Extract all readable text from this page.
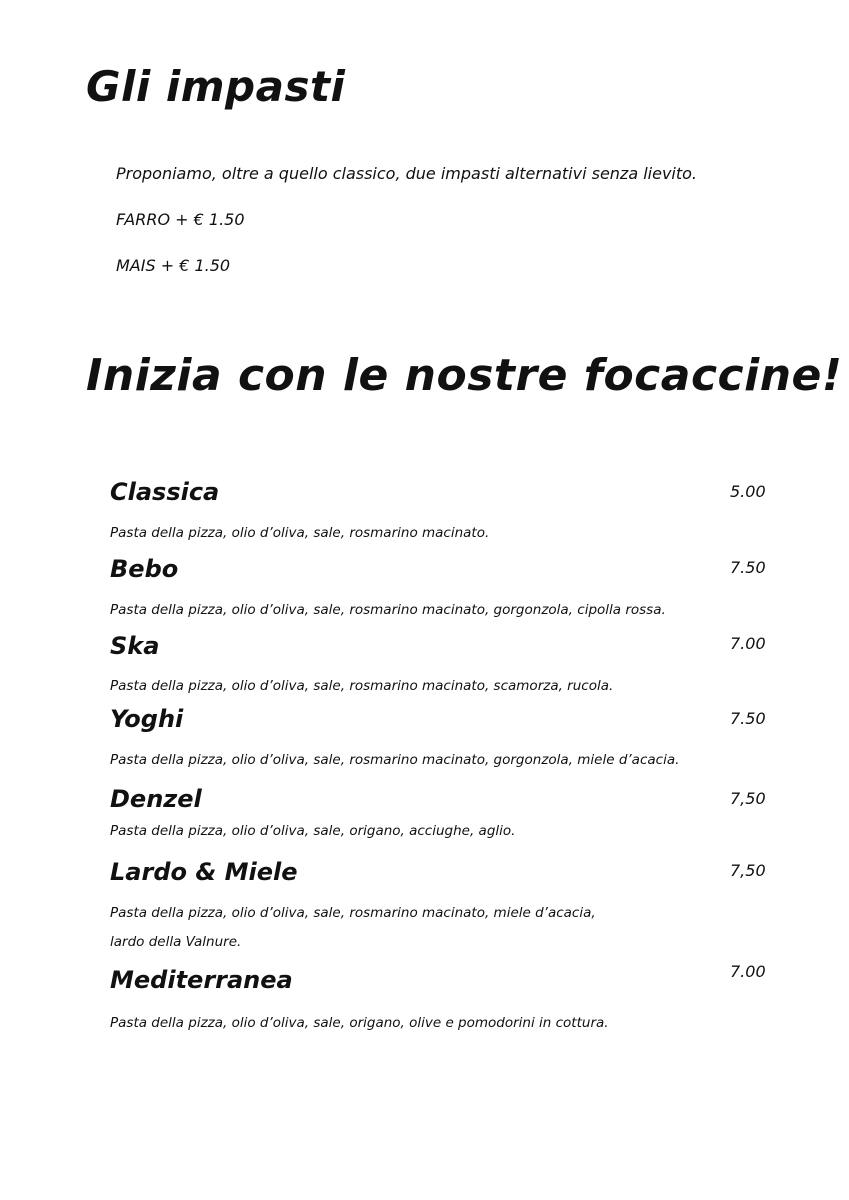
Gli impasti
Proponiamo, oltre a quello classico, due impasti alternativi senza lievito.
FARRO + € 1.50
MAIS + € 1.50
Inizia con le nostre focaccine!
Classica	5.00
Pasta della pizza, olio d’oliva, sale, rosmarino macinato.
Bebo	7.50
Pasta della pizza, olio d’oliva, sale, rosmarino macinato, gorgonzola, cipolla rossa.
Ska	7.00
Pasta della pizza, olio d’oliva, sale, rosmarino macinato, scamorza, rucola.
Yoghi	7.50
Pasta della pizza, olio d’oliva, sale, rosmarino macinato, gorgonzola, miele d’acacia.
Denzel	7,50
Pasta della pizza, olio d’oliva, sale, origano, acciughe, aglio.
Lardo & Miele	7,50
Pasta della pizza, olio d’oliva, sale, rosmarino macinato, miele d’acacia,
lardo della Valnure.
Mediterranea	7.00
Pasta della pizza, olio d’oliva, sale, origano, olive e pomodorini in cottura.
